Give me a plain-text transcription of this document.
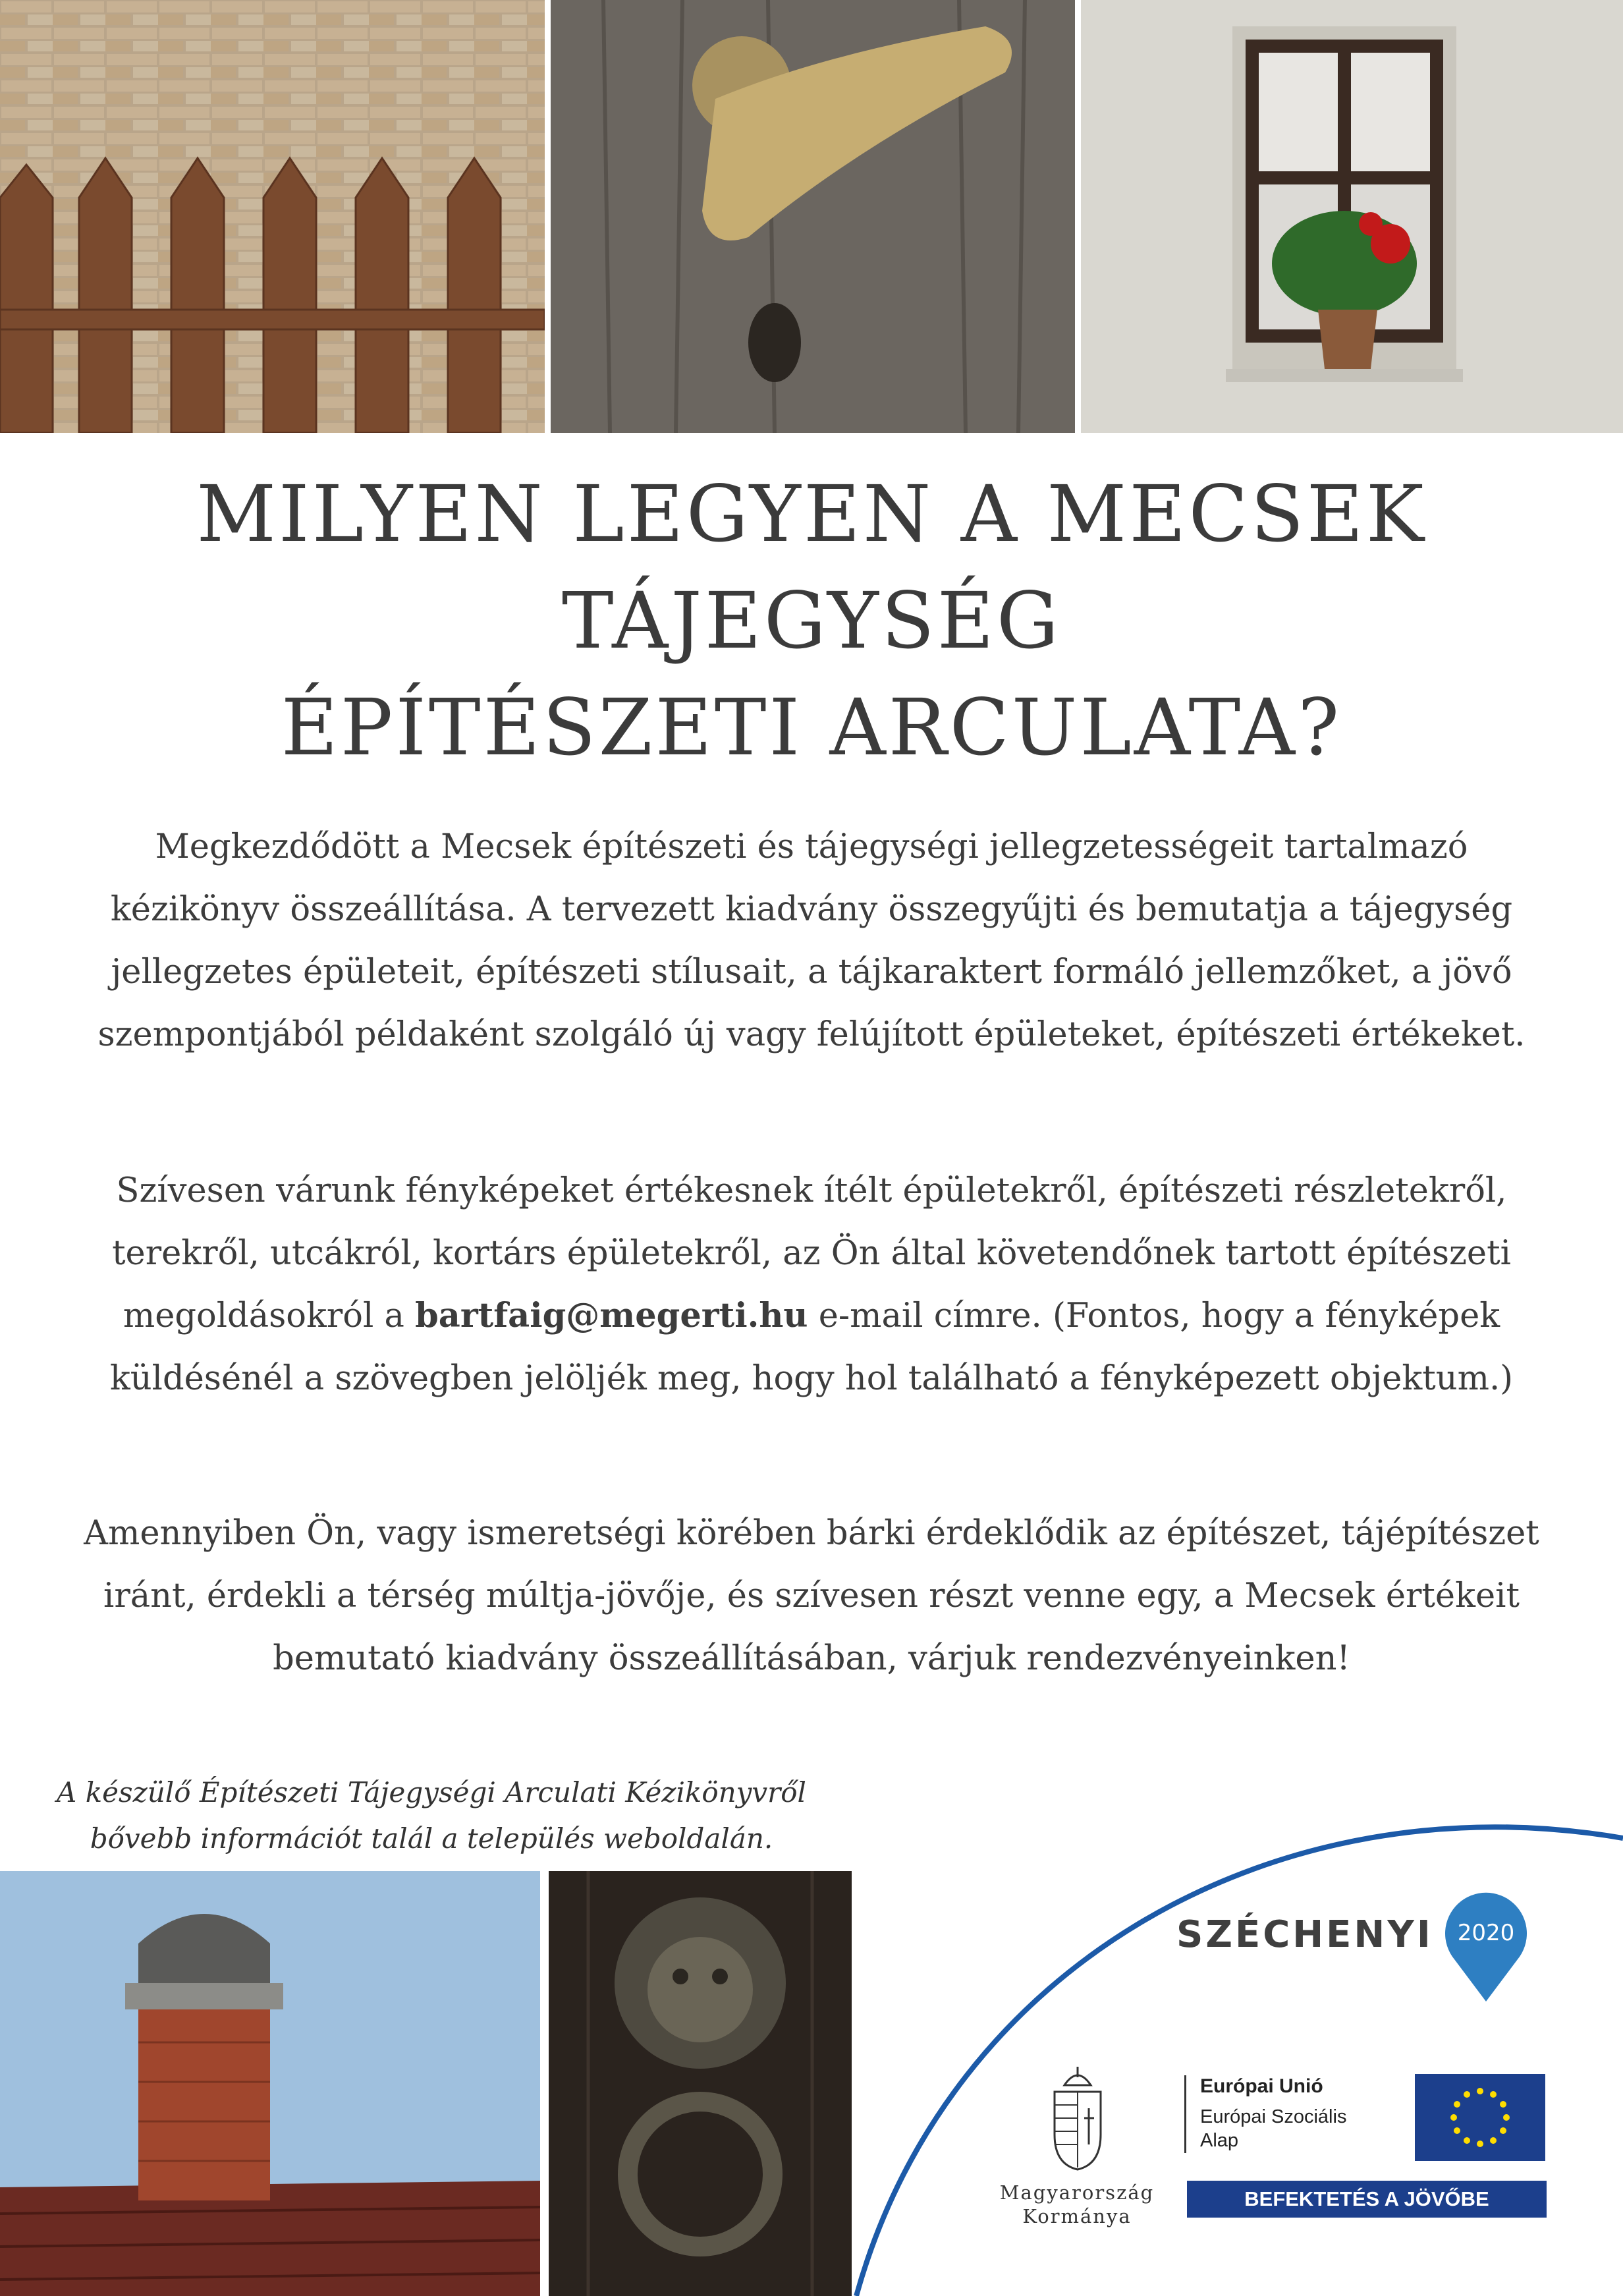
MILYEN LEGYEN A MECSEK
TÁJEGYSÉG
ÉPÍTÉSZETI ARCULATA?

Megkezdődött a Mecsek építészeti és tájegységi jellegzetességeit tartalmazó kézikönyv összeállítása. A tervezett kiadvány összegyűjti és bemutatja a tájegység jellegzetes épületeit, építészeti stílusait, a tájkaraktert formáló jellemzőket, a jövő szempontjából példaként szolgáló új vagy felújított épületeket, építészeti értékeket.

Szívesen várunk fényképeket értékesnek ítélt épületekről, építészeti részletekről, terekről, utcákról, kortárs épületekről, az Ön által követendőnek tartott építészeti megoldásokról a bartfaig@megerti.hu e-mail címre. (Fontos, hogy a fényképek küldésénél a szövegben jelöljék meg, hogy hol található a fényképezett objektum.)

Amennyiben Ön, vagy ismeretségi körében bárki érdeklődik az építészet, tájépítészet iránt, érdekli a térség múltja-jövője, és szívesen részt venne egy, a Mecsek értékeit bemutató kiadvány összeállításában, várjuk rendezvényeinken!

A készülő Építészeti Tájegységi Arculati Kézikönyvről
bővebb információt talál a település weboldalán.
SZÉCHENYI	2020
Magyarország
Kormánya
Európai Unió
Európai Szociális
Alap
BEFEKTETÉS A JÖVŐBE
